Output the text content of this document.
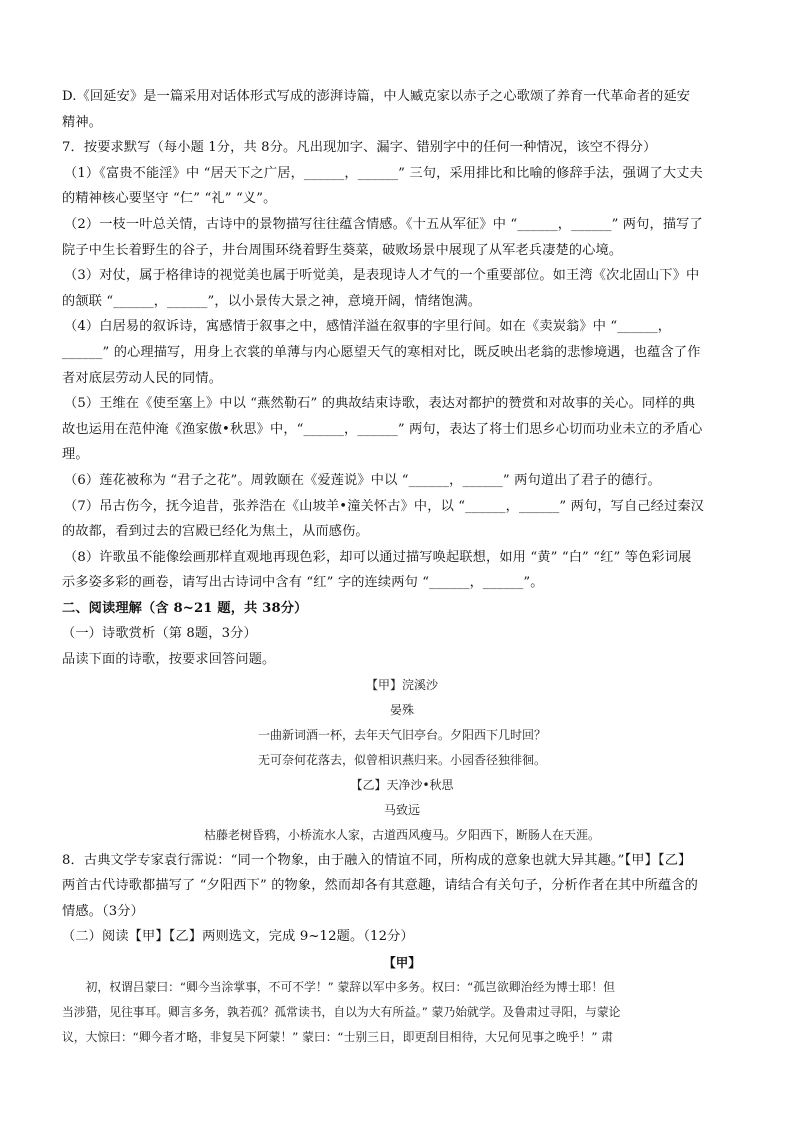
D.《回延安》是一篇采用对话体形式写成的澎湃诗篇，中人臧克家以赤子之心歌颂了养育一代革命者的延安

精神。

7．按要求默写（每小题 1分，共 8分。凡出现加字、漏字、错别字中的任何一种情况，该空不得分）

（1）《富贵不能淫》中 “居天下之广居，______，______” 三句，采用排比和比喻的修辞手法，强调了大丈夫

的精神核心要坚守 “仁” “礼” “义”。

（2）一枝一叶总关情，古诗中的景物描写往往蕴含情感。《十五从军征》中 “______，______” 两句，描写了

院子中生长着野生的谷子，井台周围环绕着野生葵菜，破败场景中展现了从军老兵凄楚的心境。

（3）对仗，属于格律诗的视觉美也属于听觉美，是表现诗人才气的一个重要部位。如王湾《次北固山下》中

的颔联 “______，______”，以小景传大景之神，意境开阔，情绪饱满。

（4）白居易的叙诉诗，寓感情于叙事之中，感情洋溢在叙事的字里行间。如在《卖炭翁》中 “______，

______” 的心理描写，用身上衣裳的单薄与内心愿望天气的寒相对比，既反映出老翁的悲惨境遇，也蕴含了作

者对底层劳动人民的同情。

（5）王维在《使至塞上》中以 “燕然勒石” 的典故结束诗歌，表达对都护的赞赏和对故事的关心。同样的典

故也运用在范仲淹《渔家傲•秋思》中，“______，______” 两句，表达了将士们思乡心切而功业未立的矛盾心

理。

（6）莲花被称为 “君子之花”。周敦颐在《爱莲说》中以 “______，______” 两句道出了君子的德行。

（7）吊古伤今，抚今追昔，张养浩在《山坡羊•潼关怀古》中，以 “______，______” 两句，写自己经过秦汉

的故都，看到过去的宫殿已经化为焦土，从而感伤。

（8）许歌虽不能像绘画那样直观地再现色彩，却可以通过描写唤起联想，如用 “黄” “白” “红” 等色彩词展

示多姿多彩的画卷，请写出古诗词中含有 “红” 字的连续两句 “______，______”。

二、阅读理解（含 8~21 题，共 38分）

（一）诗歌赏析（第 8题，3分）

品读下面的诗歌，按要求回答问题。

【甲】浣溪沙

晏殊

一曲新词酒一杯，去年天气旧亭台。夕阳西下几时回？

无可奈何花落去，似曾相识燕归来。小园香径独徘徊。

【乙】天净沙•秋思

马致远

枯藤老树昏鸦，小桥流水人家，古道西风瘦马。夕阳西下，断肠人在天涯。

8．古典文学专家袁行霈说：“同一个物象，由于融入的情谊不同，所构成的意象也就大异其趣。”【甲】【乙】

两首古代诗歌都描写了 “夕阳西下” 的物象，然而却各有其意趣，请结合有关句子，分析作者在其中所蕴含的

情感。（3分）

（二）阅读【甲】【乙】两则选文，完成 9~12题。（12分）

【甲】

初，权谓吕蒙曰：“卿今当涂掌事，不可不学！” 蒙辞以军中多务。权曰：“孤岂欲卿治经为博士耶！但

当涉猎，见往事耳。卿言多务，孰若孤？孤常读书，自以为大有所益。” 蒙乃始就学。及鲁肃过寻阳，与蒙论

议，大惊曰：“卿今者才略，非复吴下阿蒙！” 蒙曰：“士别三日，即更刮目相待，大兄何见事之晚乎！” 肃
